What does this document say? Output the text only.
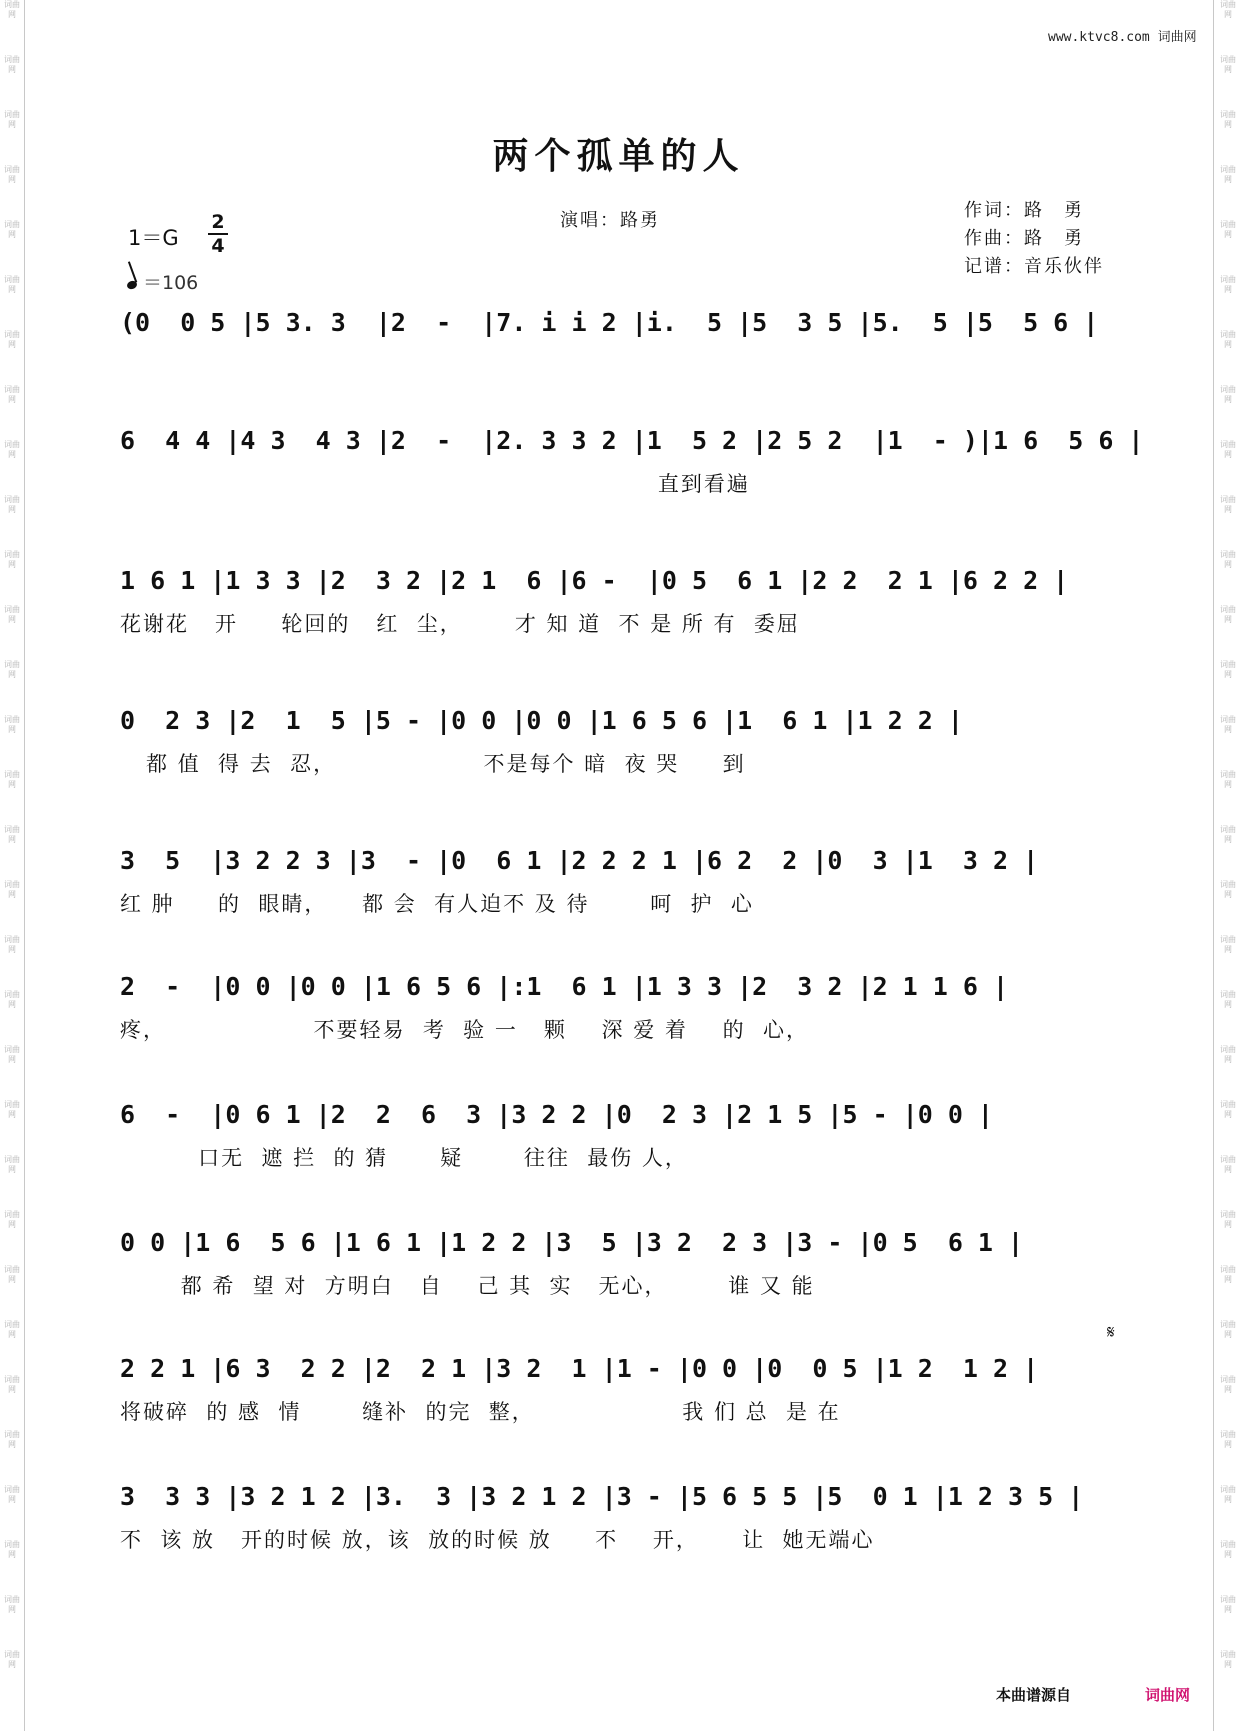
词曲网
词曲网
词曲网
词曲网
词曲网
词曲网
词曲网
词曲网
词曲网
词曲网
词曲网
词曲网
词曲网
词曲网
词曲网
词曲网
词曲网
词曲网
词曲网
词曲网
词曲网
词曲网
词曲网
词曲网
词曲网
词曲网
词曲网
词曲网
词曲网
词曲网
词曲网
词曲网
词曲网
词曲网
词曲网
词曲网
词曲网
词曲网
词曲网
词曲网
词曲网
词曲网
词曲网
词曲网
词曲网
词曲网
词曲网
词曲网
词曲网
词曲网
词曲网
词曲网
词曲网
词曲网
词曲网
词曲网
词曲网
词曲网
词曲网
词曲网
词曲网
词曲网
www.ktvc8.com 词曲网
两个孤单的人
演唱：路勇	作词：路　勇
作曲：路　勇
记谱：音乐伙伴
1＝G
2
4
＝106
(0  0 5 |5 3. 3  |2  -  |7. i i 2 |i.  5 |5  3 5 |5.  5 |5  5 6 |
6  4 4 |4 3  4 3 |2  -  |2. 3 3 2 |1  5 2 |2 5 2  |1  - )|1 6  5 6 |
直到看遍
1 6 1 |1 3 3 |2  3 2 |2 1  6 |6 -  |0 5  6 1 |2 2  2 1 |6 2 2 |
花谢花   开     轮回的   红  尘，      才 知 道  不 是 所 有  委屈
0  2 3 |2  1  5 |5 - |0 0 |0 0 |1 6 5 6 |1  6 1 |1 2 2 |
都 值  得 去  忍，                 不是每个 暗  夜 哭     到
3  5  |3 2 2 3 |3  - |0  6 1 |2 2 2 1 |6 2  2 |0  3 |1  3 2 |
红 肿     的  眼睛，    都 会  有人迫不 及 待       呵  护  心
2  -  |0 0 |0 0 |1 6 5 6 |:1  6 1 |1 3 3 |2  3 2 |2 1 1 6 |
疼，                 不要轻易  考  验 一   颗    深 爱 着    的  心，
6  -  |0 6 1 |2  2  6  3 |3 2 2 |0  2 3 |2 1 5 |5 - |0 0 |
口无  遮 拦  的 猜      疑       往往  最伤 人，
0 0 |1 6  5 6 |1 6 1 |1 2 2 |3  5 |3 2  2 3 |3 - |0 5  6 1 |
都 希  望 对  方明白   自    己 其  实   无心，       谁 又 能
2 2 1 |6 3  2 2 |2  2 1 |3 2  1 |1 - |0 0 |0  0 5 |1 2  1 2 |
将破碎  的 感  情       缝补  的完  整，                 我 们 总  是 在
3  3 3 |3 2 1 2 |3.  3 |3 2 1 2 |3 - |5 6 5 5 |5  0 1 |1 2 3 5 |
不  该 放   开的时候 放，该  放的时候 放     不    开，     让  她无端心
𝄋
本曲谱源自	词曲网
